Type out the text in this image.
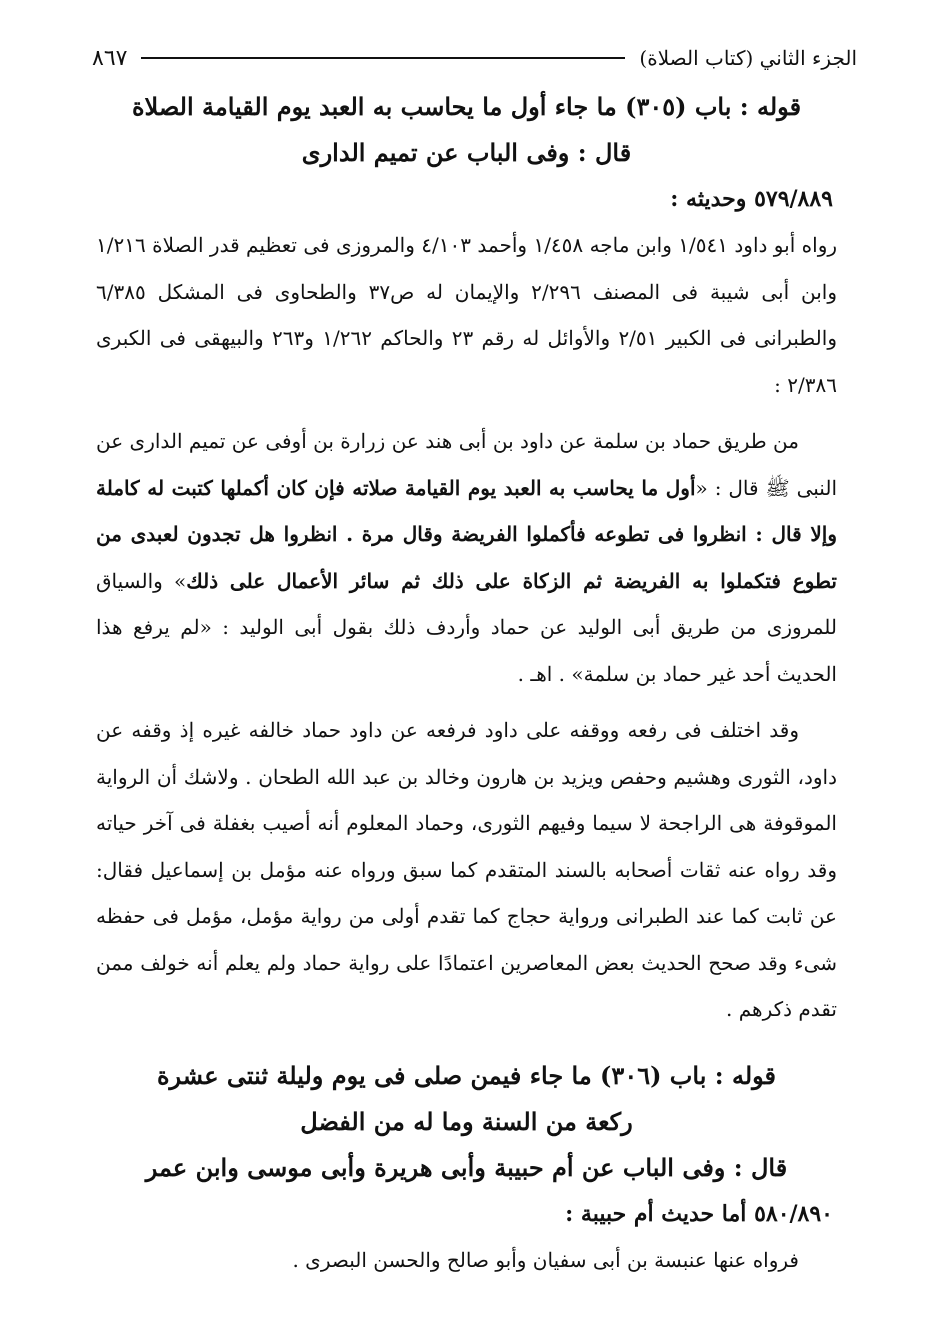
الجزء الثاني (كتاب الصلاة)
٨٦٧
قوله : باب (٣٠٥) ما جاء أول ما يحاسب به العبد يوم القيامة الصلاة
قال : وفى الباب عن تميم الدارى
٥٧٩/٨٨٩ وحديثه :

رواه أبو داود ١/٥٤١ وابن ماجه ١/٤٥٨ وأحمد ٤/١٠٣ والمروزى فى تعظيم قدر الصلاة ١/٢١٦ وابن أبى شيبة فى المصنف ٢/٢٩٦ والإيمان له ص٣٧ والطحاوى فى المشكل ٦/٣٨٥ والطبرانى فى الكبير ٢/٥١ والأوائل له رقم ٢٣ والحاكم ١/٢٦٢ و٢٦٣ والبيهقى فى الكبرى ٢/٣٨٦ :

من طريق حماد بن سلمة عن داود بن أبى هند عن زرارة بن أوفى عن تميم الدارى عن النبى ﷺ قال : «أول ما يحاسب به العبد يوم القيامة صلاته فإن كان أكملها كتبت له كاملة وإلا قال : انظروا فى تطوعه فأكملوا الفريضة وقال مرة . انظروا هل تجدون لعبدى من تطوع فتكملوا به الفريضة ثم الزكاة على ذلك ثم سائر الأعمال على ذلك» والسياق للمروزى من طريق أبى الوليد عن حماد وأردف ذلك بقول أبى الوليد : «لم يرفع هذا الحديث أحد غير حماد بن سلمة» . اهـ .

وقد اختلف فى رفعه ووقفه على داود فرفعه عن داود حماد خالفه غيره إذ وقفه عن داود، الثورى وهشيم وحفص ويزيد بن هارون وخالد بن عبد الله الطحان . ولاشك أن الرواية الموقوفة هى الراجحة لا سيما وفيهم الثورى، وحماد المعلوم أنه أصيب بغفلة فى آخر حياته وقد رواه عنه ثقات أصحابه بالسند المتقدم كما سبق ورواه عنه مؤمل بن إسماعيل فقال: عن ثابت كما عند الطبرانى ورواية حجاج كما تقدم أولى من رواية مؤمل، مؤمل فى حفظه شىء وقد صحح الحديث بعض المعاصرين اعتمادًا على رواية حماد ولم يعلم أنه خولف ممن تقدم ذكرهم .

قوله : باب (٣٠٦) ما جاء فيمن صلى فى يوم وليلة ثنتى عشرة
ركعة من السنة وما له من الفضل
قال : وفى الباب عن أم حبيبة وأبى هريرة وأبى موسى وابن عمر
٥٨٠/٨٩٠ أما حديث أم حبيبة :

فرواه عنها عنبسة بن أبى سفيان وأبو صالح والحسن البصرى .
